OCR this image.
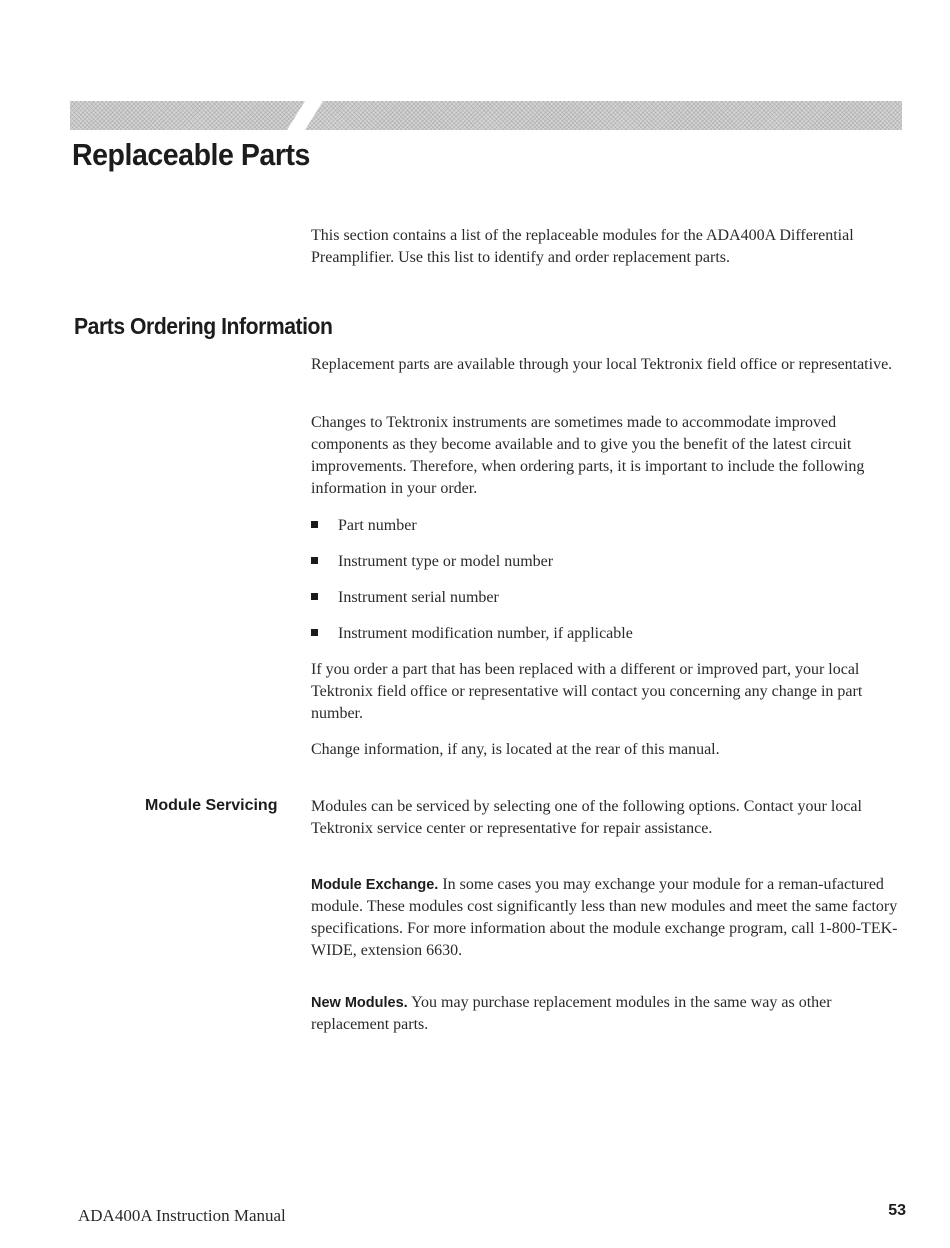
Replaceable Parts

This section contains a list of the replaceable modules for the ADA400A Differential Preamplifier. Use this list to identify and order replacement parts.

Parts Ordering Information

Replacement parts are available through your local Tektronix field office or representative.

Changes to Tektronix instruments are sometimes made to accommodate improved components as they become available and to give you the benefit of the latest circuit improvements. Therefore, when ordering parts, it is important to include the following information in your order.

Part number

Instrument type or model number

Instrument serial number

Instrument modification number, if applicable

If you order a part that has been replaced with a different or improved part, your local Tektronix field office or representative will contact you concerning any change in part number.

Change information, if any, is located at the rear of this manual.

Module Servicing Modules can be serviced by selecting one of the following options. Contact your local Tektronix service center or representative for repair assistance.

Module Exchange. In some cases you may exchange your module for a reman-ufactured module. These modules cost significantly less than new modules and meet the same factory specifications. For more information about the module exchange program, call 1-800-TEK-WIDE, extension 6630.

New Modules. You may purchase replacement modules in the same way as other replacement parts.

ADA400A Instruction Manual	53
